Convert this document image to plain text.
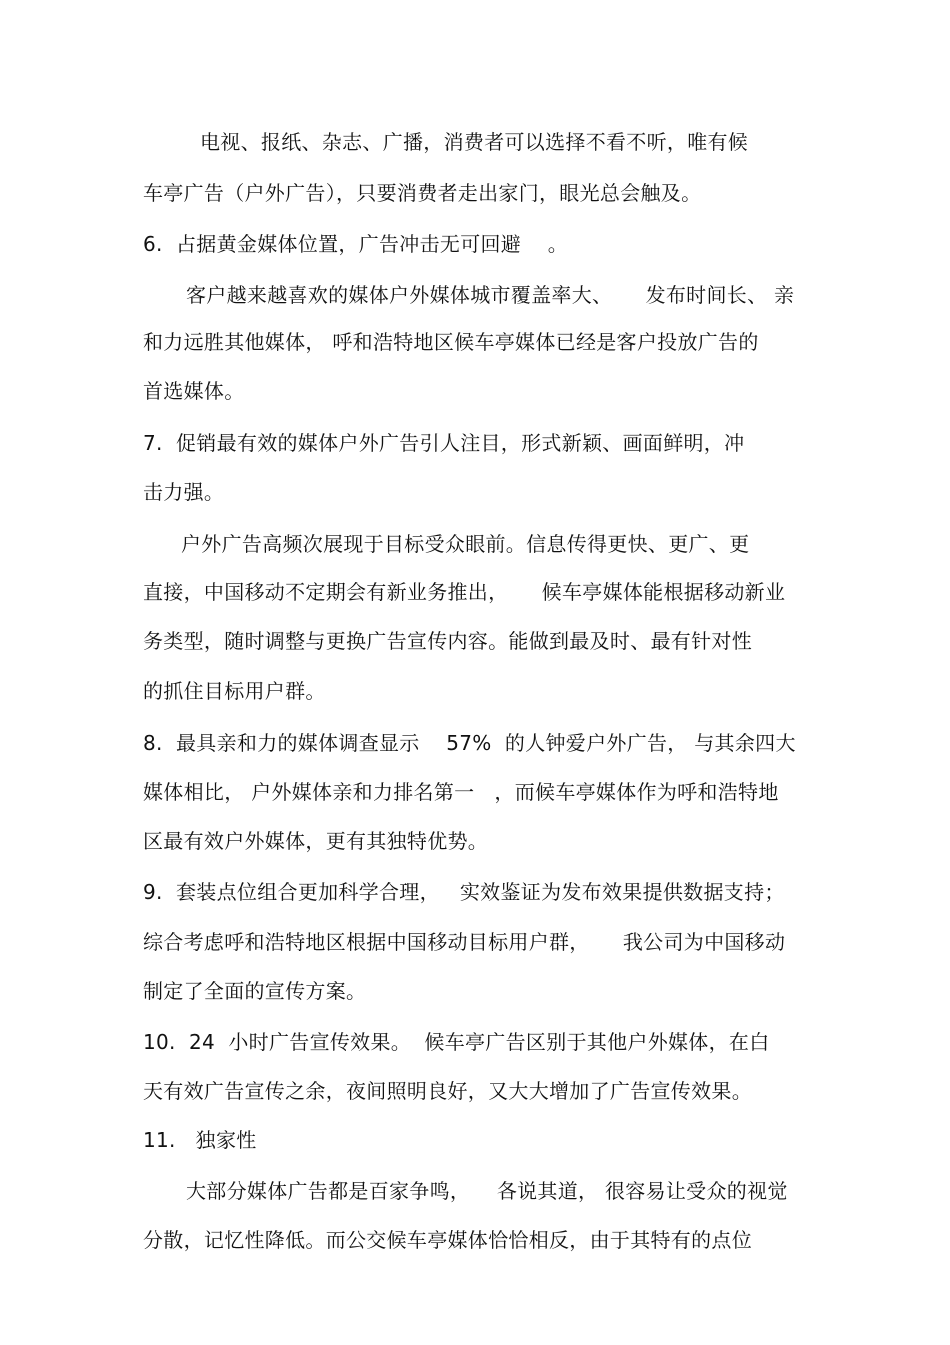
电视、报纸、杂志、广播，消费者可以选择不看不听，唯有候
车亭广告（户外广告），只要消费者走出家门，眼光总会触及。
6.  占据黄金媒体位置，广告冲击无可回避    。
客户越来越喜欢的媒体户外媒体城市覆盖率大、     发布时间长、 亲
和力远胜其他媒体， 呼和浩特地区候车亭媒体已经是客户投放广告的
首选媒体。
7.  促销最有效的媒体户外广告引人注目，形式新颖、画面鲜明，冲
击力强。
户外广告高频次展现于目标受众眼前。信息传得更快、更广、更
直接，中国移动不定期会有新业务推出，     候车亭媒体能根据移动新业
务类型，随时调整与更换广告宣传内容。能做到最及时、最有针对性
的抓住目标用户群。
8.  最具亲和力的媒体调查显示    57%  的人钟爱户外广告， 与其余四大
媒体相比， 户外媒体亲和力排名第一   ，而候车亭媒体作为呼和浩特地
区最有效户外媒体，更有其独特优势。
9.  套装点位组合更加科学合理，   实效鉴证为发布效果提供数据支持；
综合考虑呼和浩特地区根据中国移动目标用户群，     我公司为中国移动
制定了全面的宣传方案。
10.  24  小时广告宣传效果。  候车亭广告区别于其他户外媒体，在白
天有效广告宣传之余，夜间照明良好，又大大增加了广告宣传效果。
11.   独家性
大部分媒体广告都是百家争鸣，    各说其道， 很容易让受众的视觉
分散，记忆性降低。而公交候车亭媒体恰恰相反，由于其特有的点位
